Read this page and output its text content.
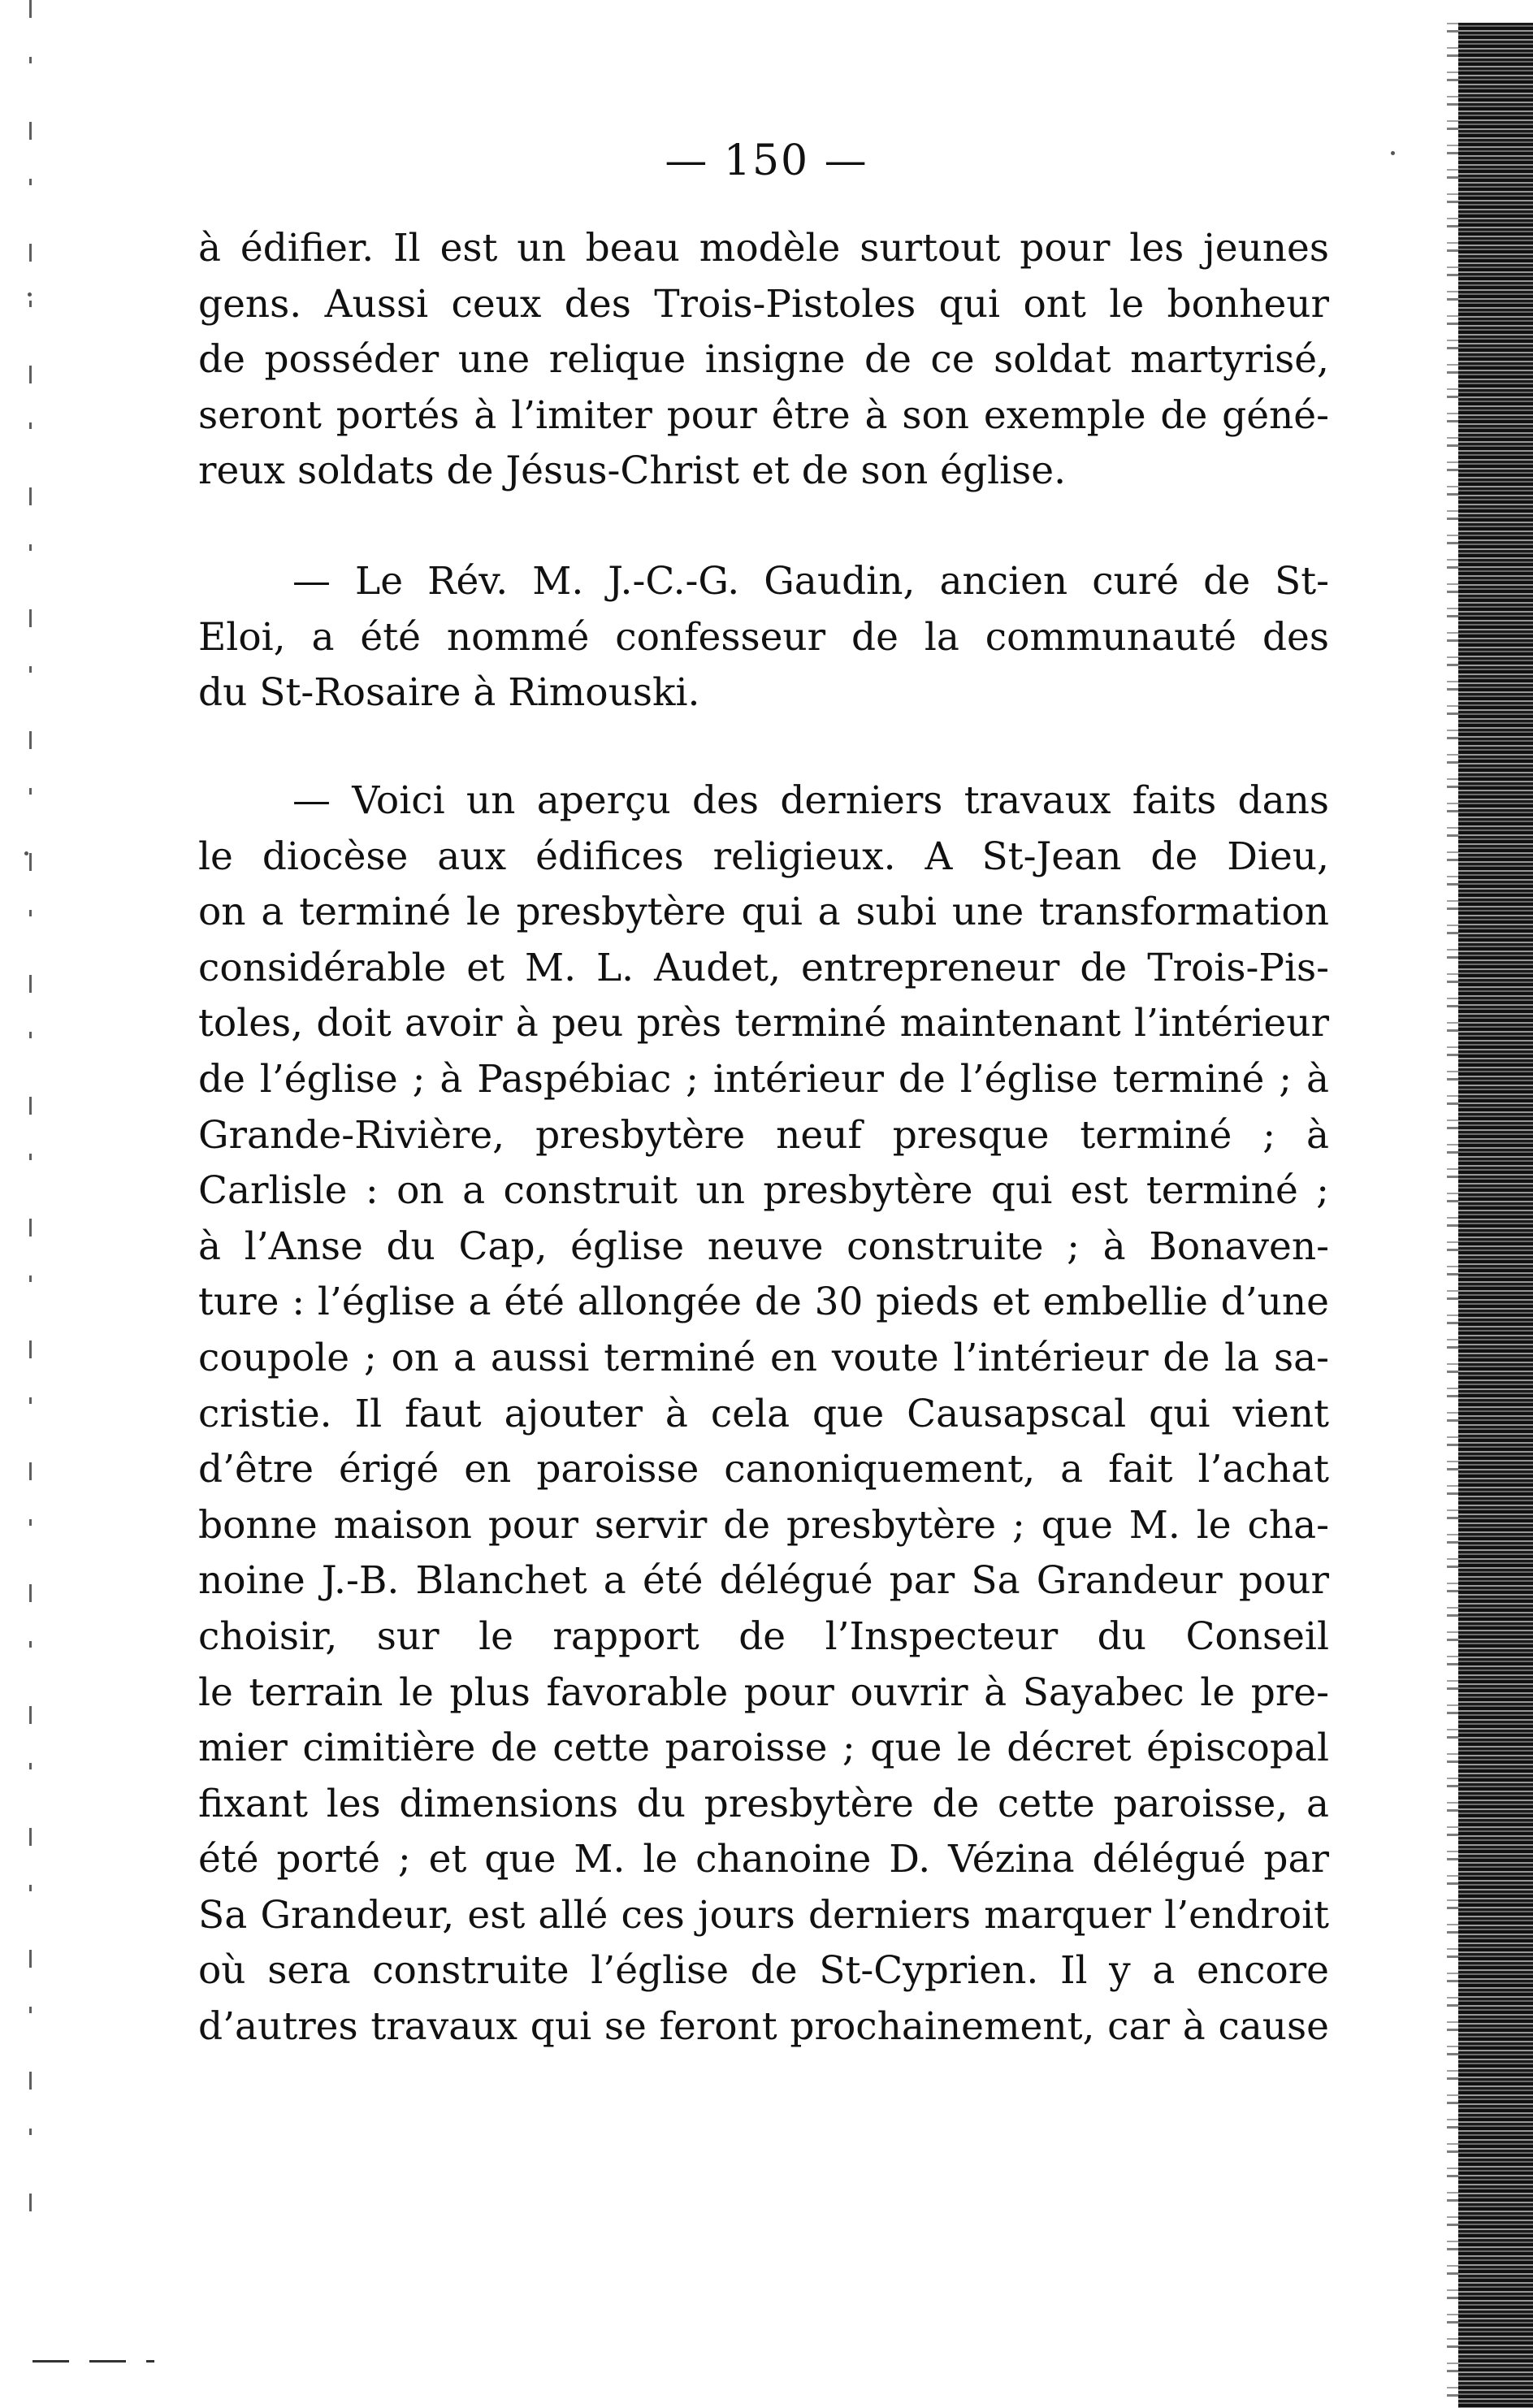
— 150 —
à édifier. Il est un beau modèle surtout pour les jeunes
gens. Aussi ceux des Trois-Pistoles qui ont le bonheur
de posséder une relique insigne de ce soldat martyrisé,
seront portés à l’imiter pour être à son exemple de géné-
reux soldats de Jésus-Christ et de son église.
— Le Rév. M. J.-C.-G. Gaudin, ancien curé de St-
Eloi, a été nommé confesseur de la communauté des
du St-Rosaire à Rimouski.
— Voici un aperçu des derniers travaux faits dans
le diocèse aux édifices religieux. A St-Jean de Dieu,
on a terminé le presbytère qui a subi une transformation
considérable et M. L. Audet, entrepreneur de Trois-Pis-
toles, doit avoir à peu près terminé maintenant l’intérieur
de l’église ; à Paspébiac ; intérieur de l’église terminé ; à
Grande-Rivière, presbytère neuf presque terminé ; à
Carlisle : on a construit un presbytère qui est terminé ;
à l’Anse du Cap, église neuve construite ; à Bonaven-
ture : l’église a été allongée de 30 pieds et embellie d’une
coupole ; on a aussi terminé en voute l’intérieur de la sa-
cristie. Il faut ajouter à cela que Causapscal qui vient
d’être érigé en paroisse canoniquement, a fait l’achat
bonne maison pour servir de presbytère ; que M. le cha-
noine J.-B. Blanchet a été délégué par Sa Grandeur pour
choisir, sur le rapport de l’Inspecteur du Conseil
le terrain le plus favorable pour ouvrir à Sayabec le pre-
mier cimitière de cette paroisse ; que le décret épiscopal
fixant les dimensions du presbytère de cette paroisse, a
été porté ; et que M. le chanoine D. Vézina délégué par
Sa Grandeur, est allé ces jours derniers marquer l’endroit
où sera construite l’église de St-Cyprien. Il y a encore
d’autres travaux qui se feront prochainement, car à cause
